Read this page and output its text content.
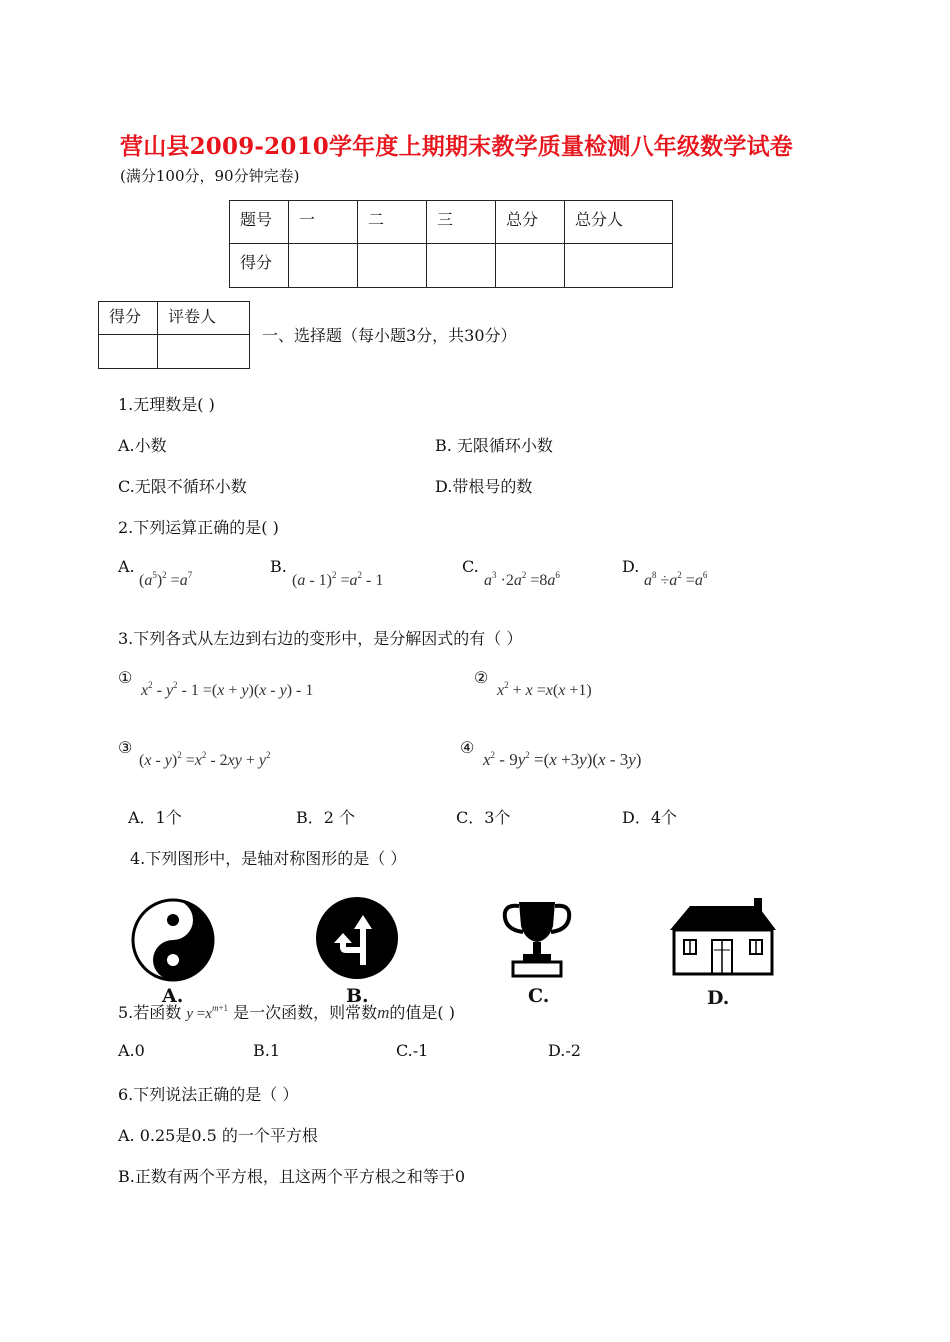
营山县2009-2010学年度上期期末教学质量检测八年级数学试卷
(满分100分，90分钟完卷)
题号	一	二	三	总分	总分人
得分					
得分	评卷人

一、选择题（每小题3分，共30分）
1.无理数是( )
A.小数	B. 无限循环小数
C.无限不循环小数	D.带根号的数
2.下列运算正确的是( )
A.
$(a^5)^2 =a^7$	B.
$(a - 1)^2 =a^2 - 1$
C.
$a^3 \cdot 2a^2 =8a^6$	D.
$a^8 \div a^2 =a^6$
3.下列各式从左边到右边的变形中，是分解因式的有（ ）
①
$x^2 - y^2 - 1 =(x + y)(x - y) - 1$
②
$x^2 + x =x(x +1)$
③
$(x - y)^2 =x^2 - 2xy + y^2$	④
$x^2 - 9y^2 =(x +3y)(x - 3y)$
A．1个	B．2 个	C．3个	D．4个
4.下列图形中，是轴对称图形的是（ ）
A.	B.	C.	D.
5.若函数 $y =x^{m+1}$ 是一次函数，则常数m的值是( )
A.0	B.1	C.-1	D.-2
6.下列说法正确的是（ ）
A. 0.25是0.5 的一个平方根
B.正数有两个平方根，且这两个平方根之和等于0
